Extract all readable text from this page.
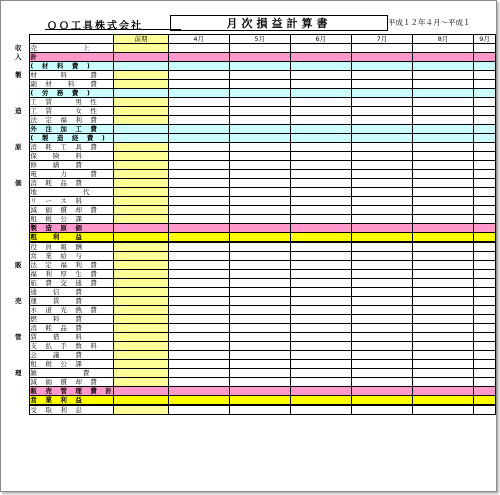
ＯＯ工具株式会社	月次損益計算書	平成１２年４月～平成１
		前期	4月	5月	6月	7月	8月	9月
収	売　　　　　　上							
入	計							
	(　材　料　費　)							
製	材　　　料　　　費							
	副　材　　料　　費							
	(　労　務　費　)							
	工　賃　　　男　性							
造	工　賃　　　女　性							
	法　定　福　利　費							
	外　注　加　工　費							
	(　製　造　経　費　)							
原	消　耗　工　具　費							
	保　　険　　料							
	修　　繕　　費							
	電　　　力　　　費							
価	消　耗　品　費							
	地　　　　　　代							
	リ　ー　ス　料							
	減　価　償　却　費							
	租　税　公　課							
	製　造　原　価							
	粗　　利　　益							
	役　員　報　酬							
	営　業　給　与							
販	法　定　福　利　費							
	福　利　厚　生　費							
	旅　費　交　通　費							
	通　　信　　費							
売	運　　賃　　費							
	水　道　光　熱　費							
	燃　　料　　費							
	消　耗　品　費							
管	賃　　借　　料							
	支　払　手　数　料							
	会　　議　　費							
	租　税　公　課							
理	雑　　　　　　費							
	減　価　償　却　費							
	販　売　管　理　費　計							
	営　業　利　益							
	受　取　利　息							
